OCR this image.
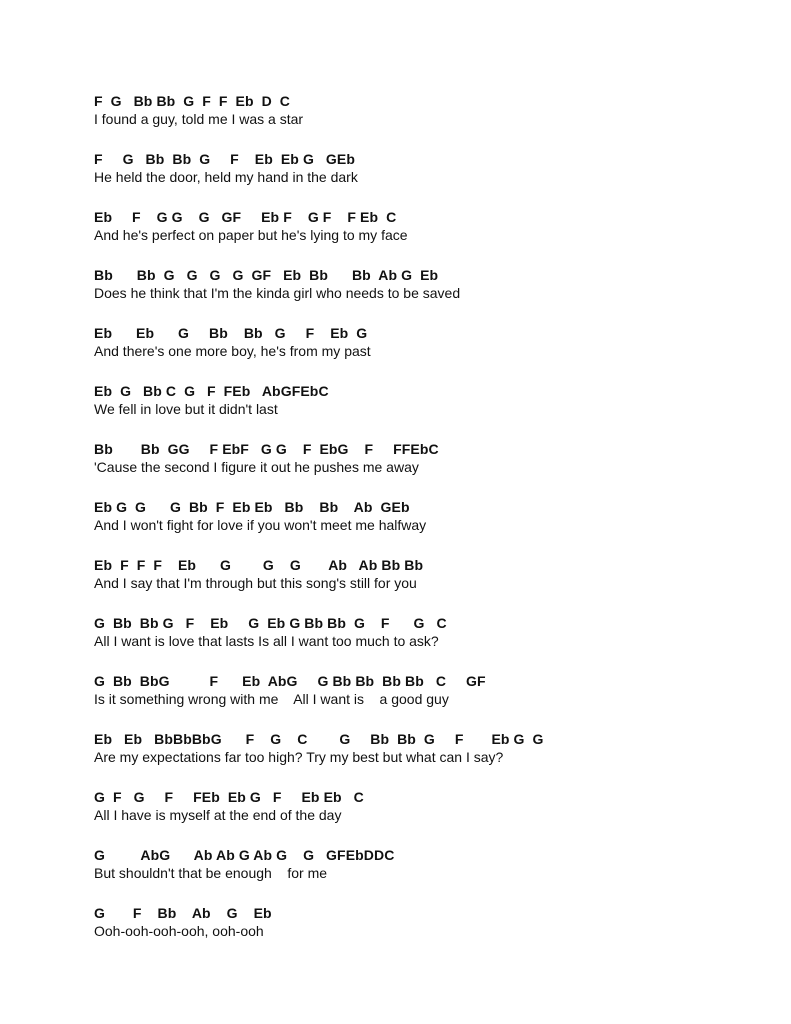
F  G   Bb Bb  G  F  F  Eb  D  C
I found a guy, told me I was a star
F     G   Bb  Bb  G     F    Eb  Eb G   GEb
He held the door, held my hand in the dark
Eb     F    G G    G   GF     Eb F    G F    F Eb  C
And he's perfect on paper but he's lying to my face
Bb      Bb  G   G   G   G  GF   Eb  Bb      Bb  Ab G  Eb
Does he think that I'm the kinda girl who needs to be saved
Eb      Eb      G     Bb    Bb   G     F    Eb  G
And there's one more boy, he's from my past
Eb  G   Bb C  G   F  FEb   AbGFEbC
We fell in love but it didn't last
Bb       Bb  GG     F EbF   G G    F  EbG    F     FFEbC
'Cause the second I figure it out he pushes me away
Eb G  G      G  Bb  F  Eb Eb   Bb    Bb    Ab  GEb
And I won't fight for love if you won't meet me halfway
Eb  F  F  F    Eb      G        G    G       Ab   Ab Bb Bb
And I say that I'm through but this song's still for you
G  Bb  Bb G   F    Eb     G  Eb G Bb Bb  G    F      G   C
All I want is love that lasts Is all I want too much to ask?
G  Bb  BbG          F      Eb  AbG     G Bb Bb  Bb Bb   C     GF
Is it something wrong with me    All I want is    a good guy
Eb   Eb   BbBbBbG      F    G    C        G     Bb  Bb  G     F       Eb G  G
Are my expectations far too high? Try my best but what can I say?
G  F   G     F     FEb  Eb G   F     Eb Eb   C
All I have is myself at the end of the day
G         AbG      Ab Ab G Ab G    G   GFEbDDC
But shouldn't that be enough    for me
G       F    Bb    Ab    G    Eb
Ooh-ooh-ooh-ooh, ooh-ooh
